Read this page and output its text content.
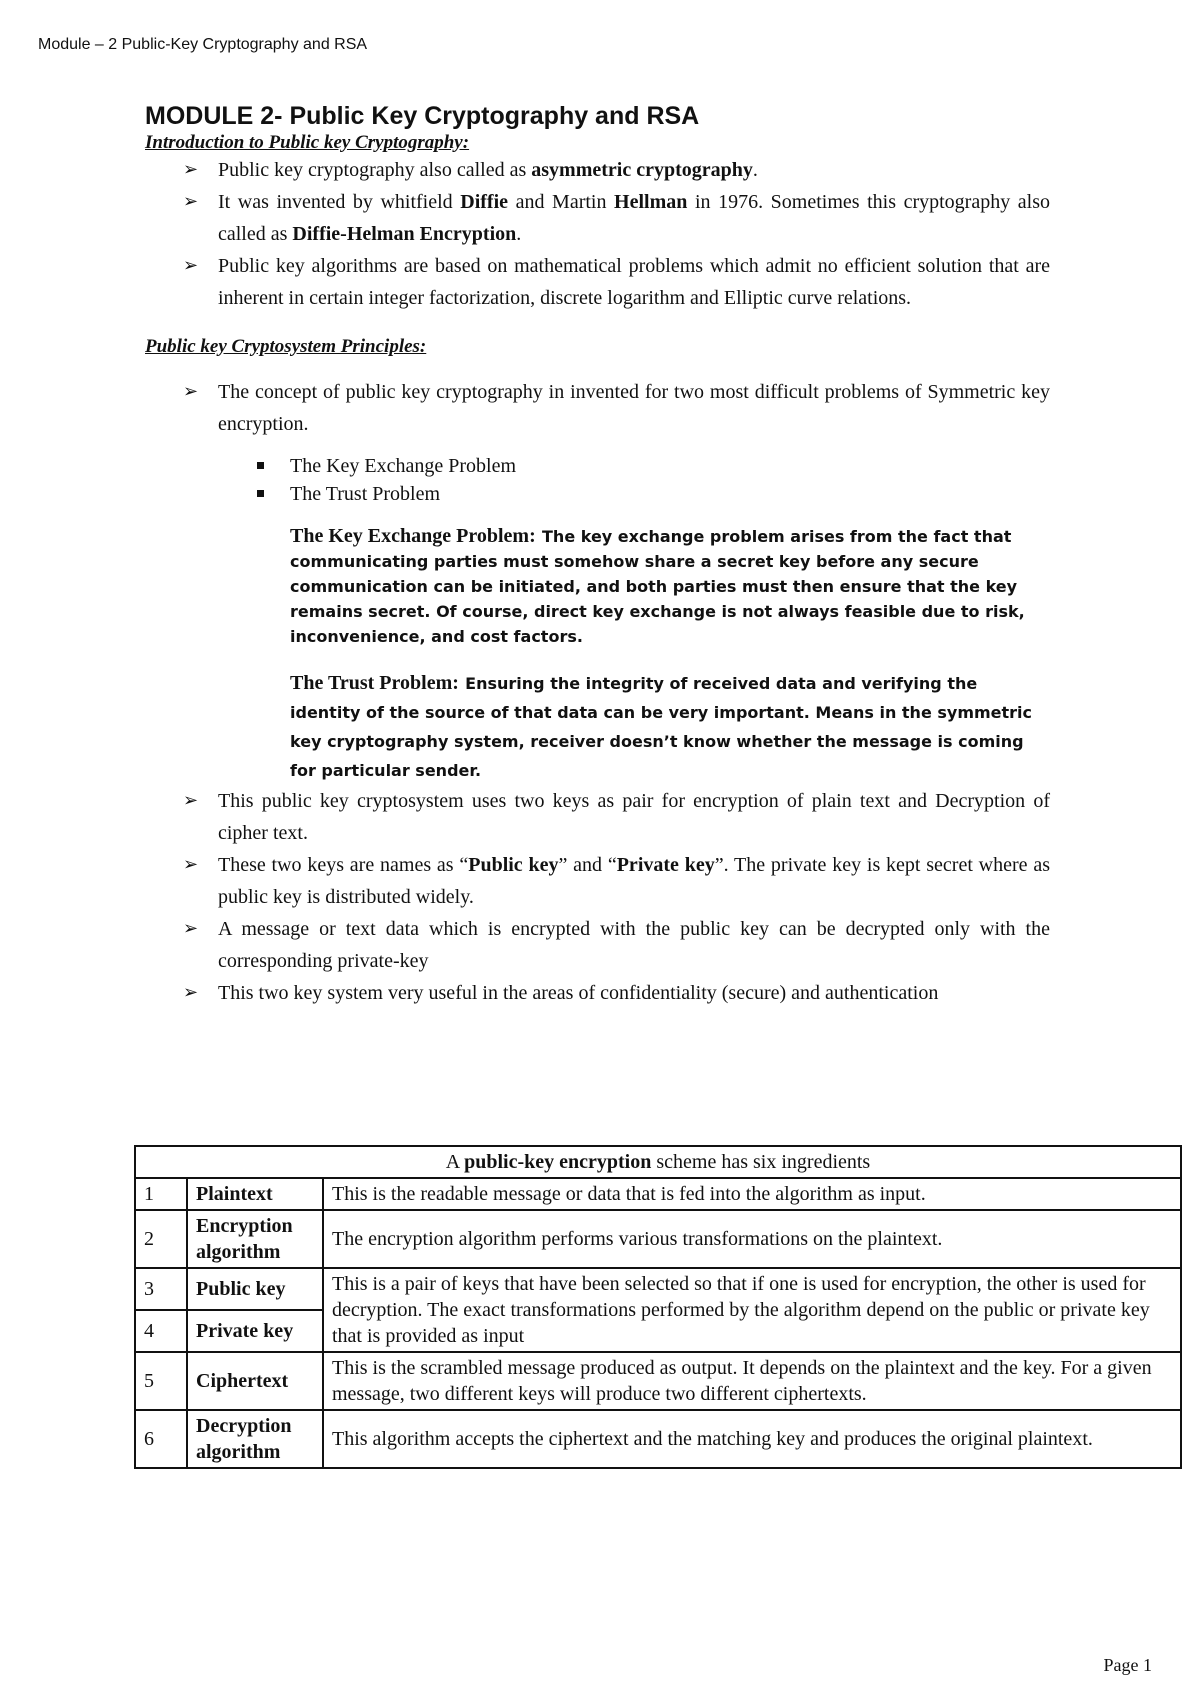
Module – 2 Public-Key Cryptography and RSA
MODULE 2- Public Key Cryptography and RSA

Introduction to Public key Cryptography:

➢ Public key cryptography also called as asymmetric cryptography.
➢ It was invented by whitfield Diffie and Martin Hellman in 1976. Sometimes this cryptography also called as Diffie-Helman Encryption.
➢ Public key algorithms are based on mathematical problems which admit no efficient solution that are inherent in certain integer factorization, discrete logarithm and Elliptic curve relations.

Public key Cryptosystem Principles:

➢ The concept of public key cryptography in invented for two most difficult problems of Symmetric key encryption.
The Key Exchange Problem
The Trust Problem
The Key Exchange Problem: The key exchange problem arises from the fact that communicating parties must somehow share a secret key before any secure communication can be initiated, and both parties must then ensure that the key remains secret. Of course, direct key exchange is not always feasible due to risk, inconvenience, and cost factors.
The Trust Problem: Ensuring the integrity of received data and verifying the identity of the source of that data can be very important. Means in the symmetric key cryptography system, receiver doesn’t know whether the message is coming for particular sender.
➢ This public key cryptosystem uses two keys as pair for encryption of plain text and Decryption of cipher text.
➢ These two keys are names as “Public key” and “Private key”. The private key is kept secret where as public key is distributed widely.
➢ A message or text data which is encrypted with the public key can be decrypted only with the corresponding private-key
➢ This two key system very useful in the areas of confidentiality (secure) and authentication
A public-key encryption scheme has six ingredients		
1	Plaintext	This is the readable message or data that is fed into the algorithm as input.
2	Encryption algorithm	The encryption algorithm performs various transformations on the plaintext.
3	Public key	This is a pair of keys that have been selected so that if one is used for encryption, the other is used for decryption. The exact transformations performed by the algorithm depend on the public or private key that is provided as input
4	Private key	
5	Ciphertext	This is the scrambled message produced as output. It depends on the plaintext and the key. For a given message, two different keys will produce two different ciphertexts.
6	Decryption algorithm	This algorithm accepts the ciphertext and the matching key and produces the original plaintext.
Page 1
